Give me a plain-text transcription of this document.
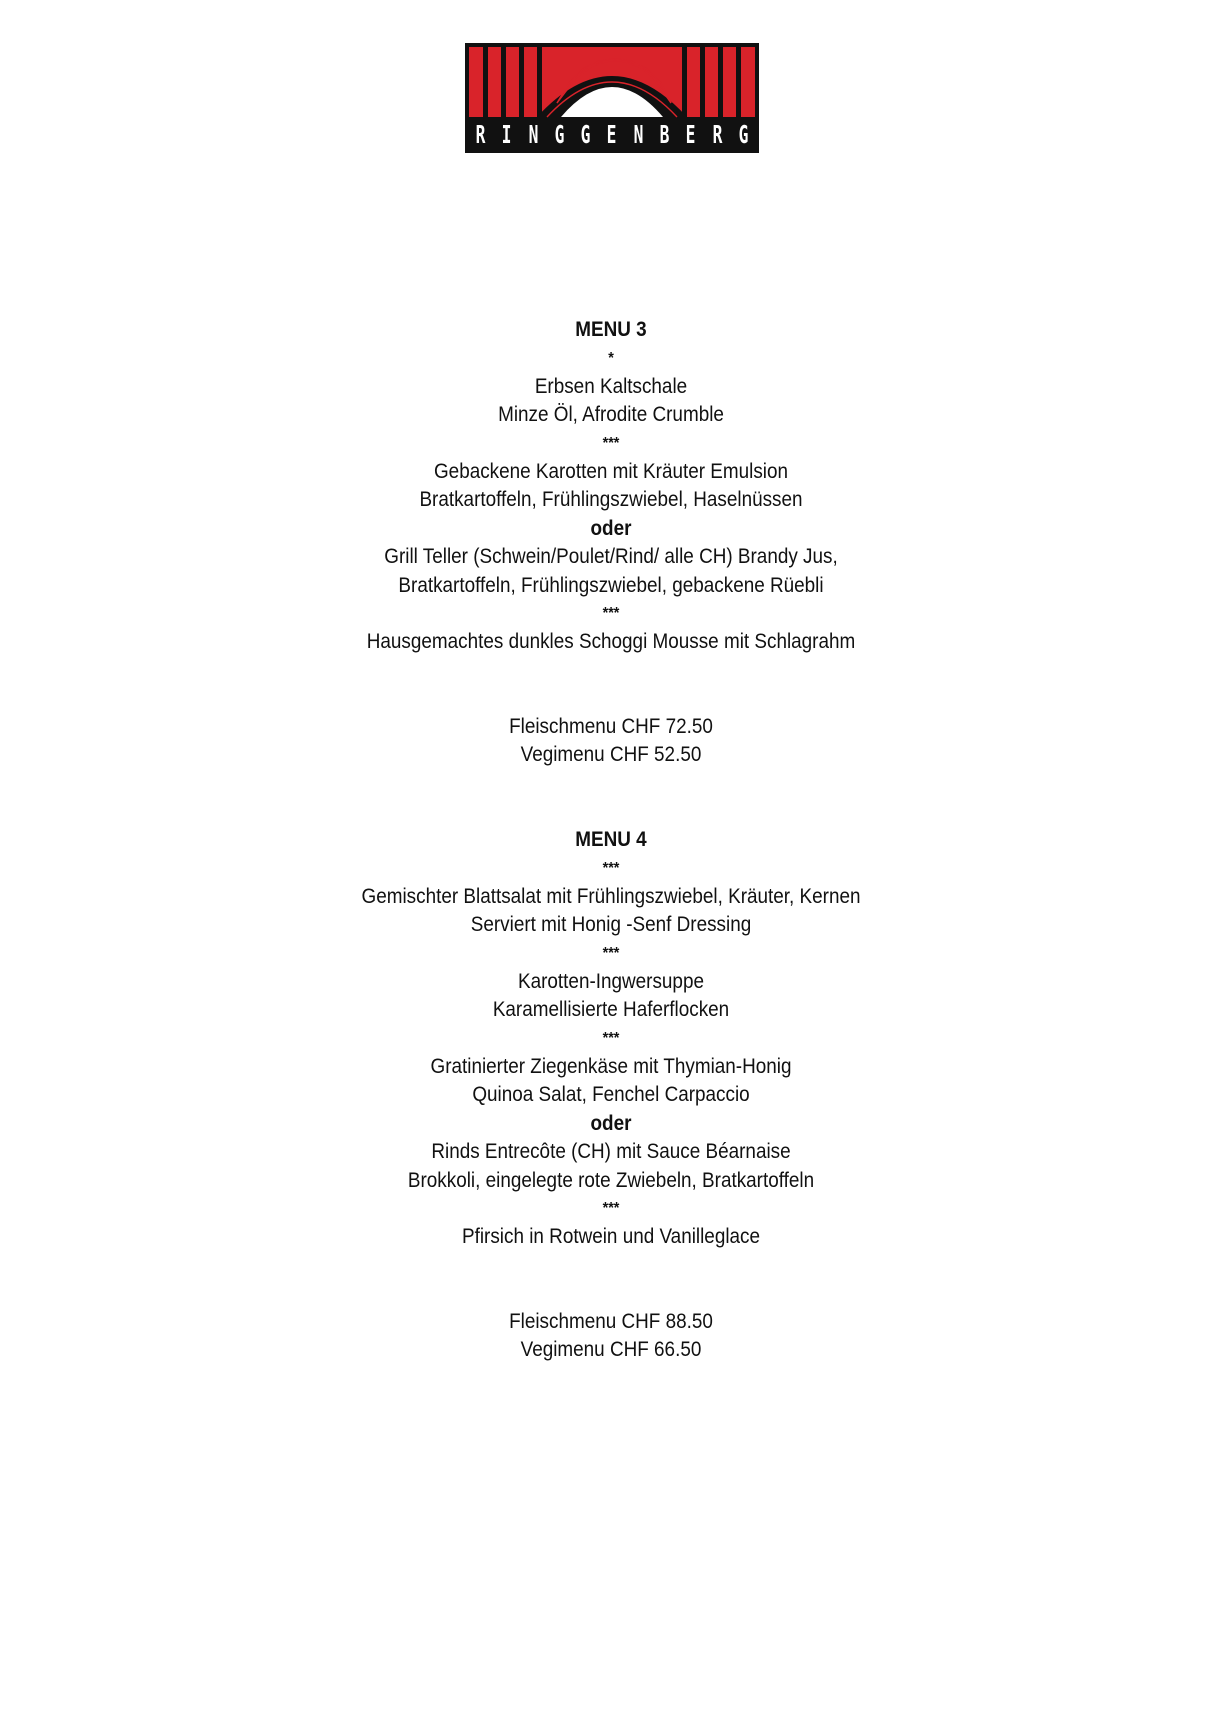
R I N G G E N B E R G
MENU 3
*
Erbsen Kaltschale
Minze Öl, Afrodite Crumble
***
Gebackene Karotten mit Kräuter Emulsion
Bratkartoffeln, Frühlingszwiebel, Haselnüssen
oder
Grill Teller (Schwein/Poulet/Rind/ alle CH) Brandy Jus,
Bratkartoffeln, Frühlingszwiebel, gebackene Rüebli
***
Hausgemachtes dunkles Schoggi Mousse mit Schlagrahm
Fleischmenu CHF 72.50
Vegimenu CHF 52.50
MENU 4
***
Gemischter Blattsalat mit Frühlingszwiebel, Kräuter, Kernen
Serviert mit Honig -Senf Dressing
***
Karotten-Ingwersuppe
Karamellisierte Haferflocken
***
Gratinierter Ziegenkäse mit Thymian-Honig
Quinoa Salat, Fenchel Carpaccio
oder
Rinds Entrecôte (CH) mit Sauce Béarnaise
Brokkoli, eingelegte rote Zwiebeln, Bratkartoffeln
***
Pfirsich in Rotwein und Vanilleglace
Fleischmenu CHF 88.50
Vegimenu CHF 66.50
